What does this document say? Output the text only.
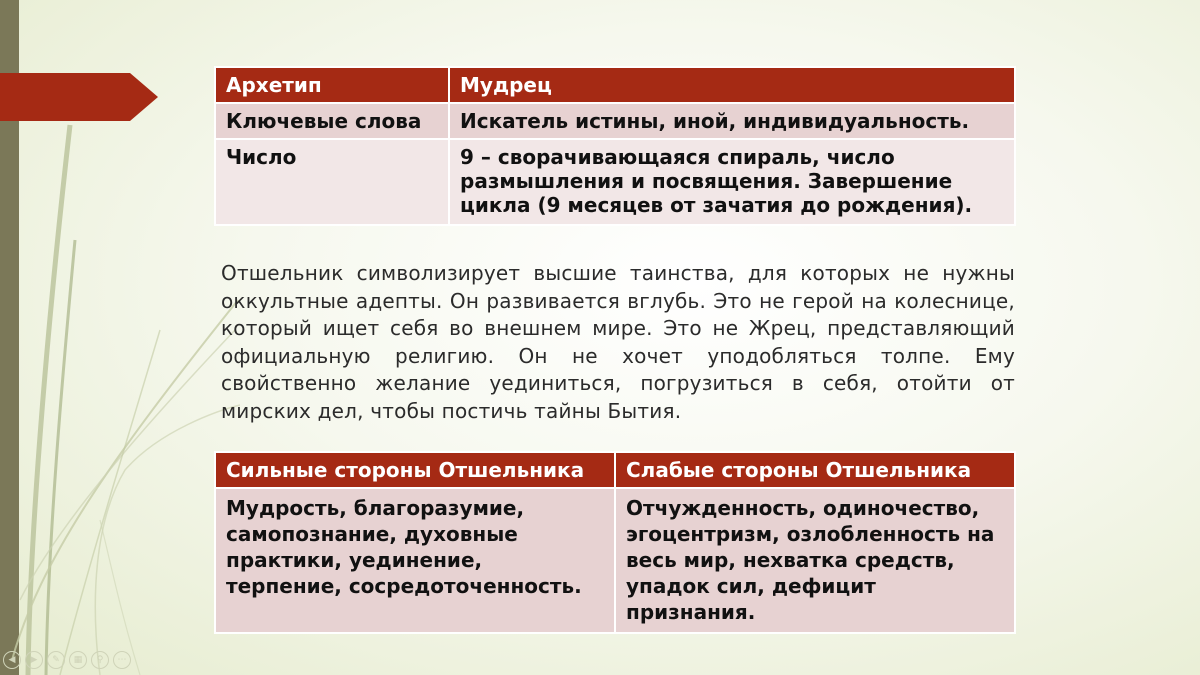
Архетип	Мудрец
Ключевые слова	Искатель истины, иной, индивидуальность.
Число	9 – сворачивающаяся спираль, число размышления и посвящения. Завершение цикла (9 месяцев от зачатия до рождения).

Отшельник символизирует высшие таинства, для которых не нужны оккультные адепты. Он развивается вглубь. Это не герой на колеснице, который ищет себя во внешнем мире. Это не Жрец, представляющий официальную религию. Он не хочет уподобляться толпе. Ему свойственно желание уединиться, погрузиться в себя, отойти от мирских дел, чтобы постичь тайны Бытия.

Сильные стороны Отшельника	Слабые стороны Отшельника
Мудрость, благоразумие, самопознание, духовные практики, уединение, терпение, сосредоточенность.	Отчужденность, одиночество, эгоцентризм, озлобленность на весь мир, нехватка средств, упадок сил, дефицит признания.
◀	▶	✎	▦	⚲	⋯
